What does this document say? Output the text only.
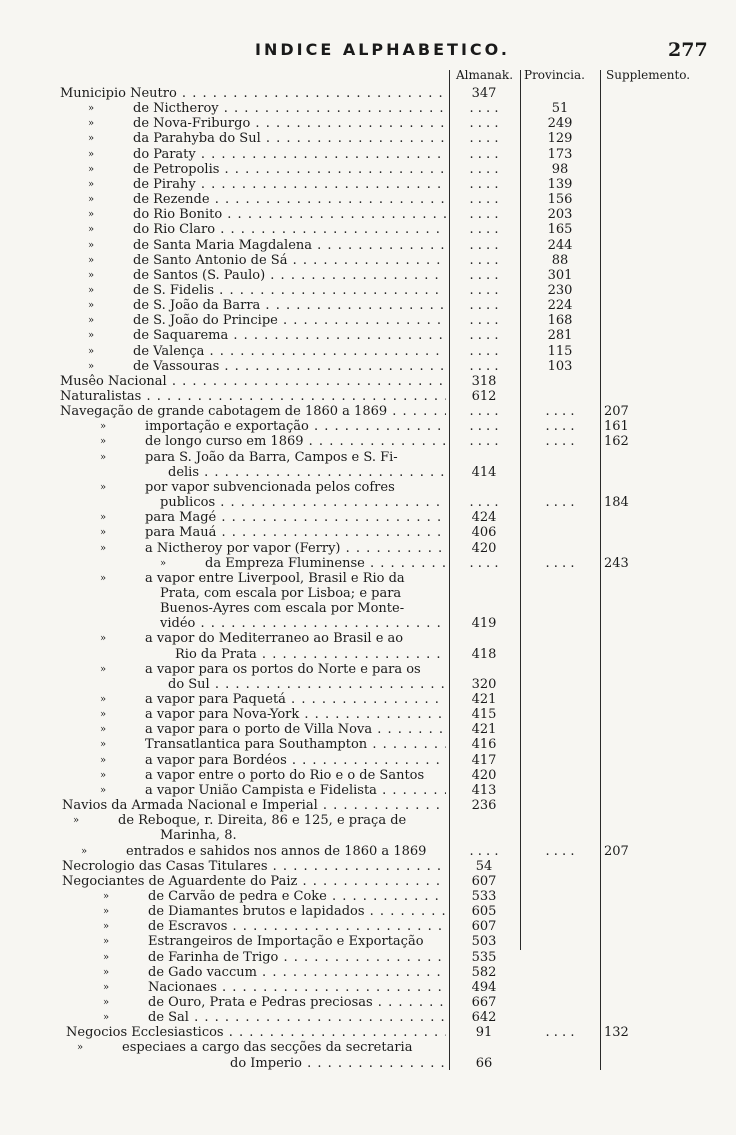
INDICE ALPHABETICO.	277
Almanak. Provincia. Supplemento.
Municipio Neutro . . .	347
»	de Nictheroy . . .	. . . .	51
»	de Nova-Friburgo . . .	. . . .	249
»	da Parahyba do Sul . . .	. . . .	129
»	do Paraty . . .	. . . .	173
»	de Petropolis . . .	. . . .	98
»	de Pirahy . . .	. . . .	139
»	de Rezende . . .	. . . .	156
»	do Rio Bonito . . .	. . . .	203
»	do Rio Claro . . .	. . . .	165
»	de Santa Maria Magdalena . . .	. . . .	244
»	de Santo Antonio de Sá . . .	. . . .	88
»	de Santos (S. Paulo) . . .	. . . .	301
»	de S. Fidelis . . .	. . . .	230
»	de S. João da Barra . . .	. . . .	224
»	de S. João do Principe . . .	. . . .	168
»	de Saquarema . . .	. . . .	281
»	de Valença . . .	. . . .	115
»	de Vassouras . . .	. . . .	103
Musêo Nacional . . .	318
Naturalistas . . .	612
Navegação de grande cabotagem de 1860 a 1869 . . .	. . . .	. . . .	207
»	importação e exportação . . .	. . . .	. . . .	161
»	de longo curso em 1869 . . .	. . . .	. . . .	162
»	para S. João da Barra, Campos e S. Fi-
delis . . .	414
»	por vapor subvencionada pelos cofres
publicos . . .	. . . .	. . . .	184
»	para Magé . . .	424
»	para Mauá . . .	406
»	a Nictheroy por vapor (Ferry) . . .	420
»	da Empreza Fluminense . . .	. . . .	. . . .	243
»	a vapor entre Liverpool, Brasil e Rio da
Prata, com escala por Lisboa; e para
Buenos-Ayres com escala por Monte-
vidéo . . .	419
»	a vapor do Mediterraneo ao Brasil e ao
Rio da Prata . . .	418
»	a vapor para os portos do Norte e para os
do Sul . . .	320
»	a vapor para Paquetá . . .	421
»	a vapor para Nova-York . . .	415
»	a vapor para o porto de Villa Nova . . .	421
»	Transatlantica para Southampton . . .	416
»	a vapor para Bordéos . . .	417
»	a vapor entre o porto do Rio e o de Santos	420
»	a vapor União Campista e Fidelista . . .	413
Navios da Armada Nacional e Imperial . . .	236
»	de Reboque, r. Direita, 86 e 125, e praça de
Marinha, 8.
»	entrados e sahidos nos annos de 1860 a 1869	. . . .	. . . .	207
Necrologio das Casas Titulares . . .	54
Negociantes de Aguardente do Paiz . . .	607
»	de Carvão de pedra e Coke . . .	533
»	de Diamantes brutos e lapidados . . .	605
»	de Escravos . . .	607
»	Estrangeiros de Importação e Exportação	503
»	de Farinha de Trigo . . .	535
»	de Gado vaccum . . .	582
»	Nacionaes . . .	494
»	de Ouro, Prata e Pedras preciosas . . .	667
»	de Sal . . .	642
Negocios Ecclesiasticos . . .	91	. . . .	132
»	especiaes a cargo das secções da secretaria
do Imperio . . .	66
